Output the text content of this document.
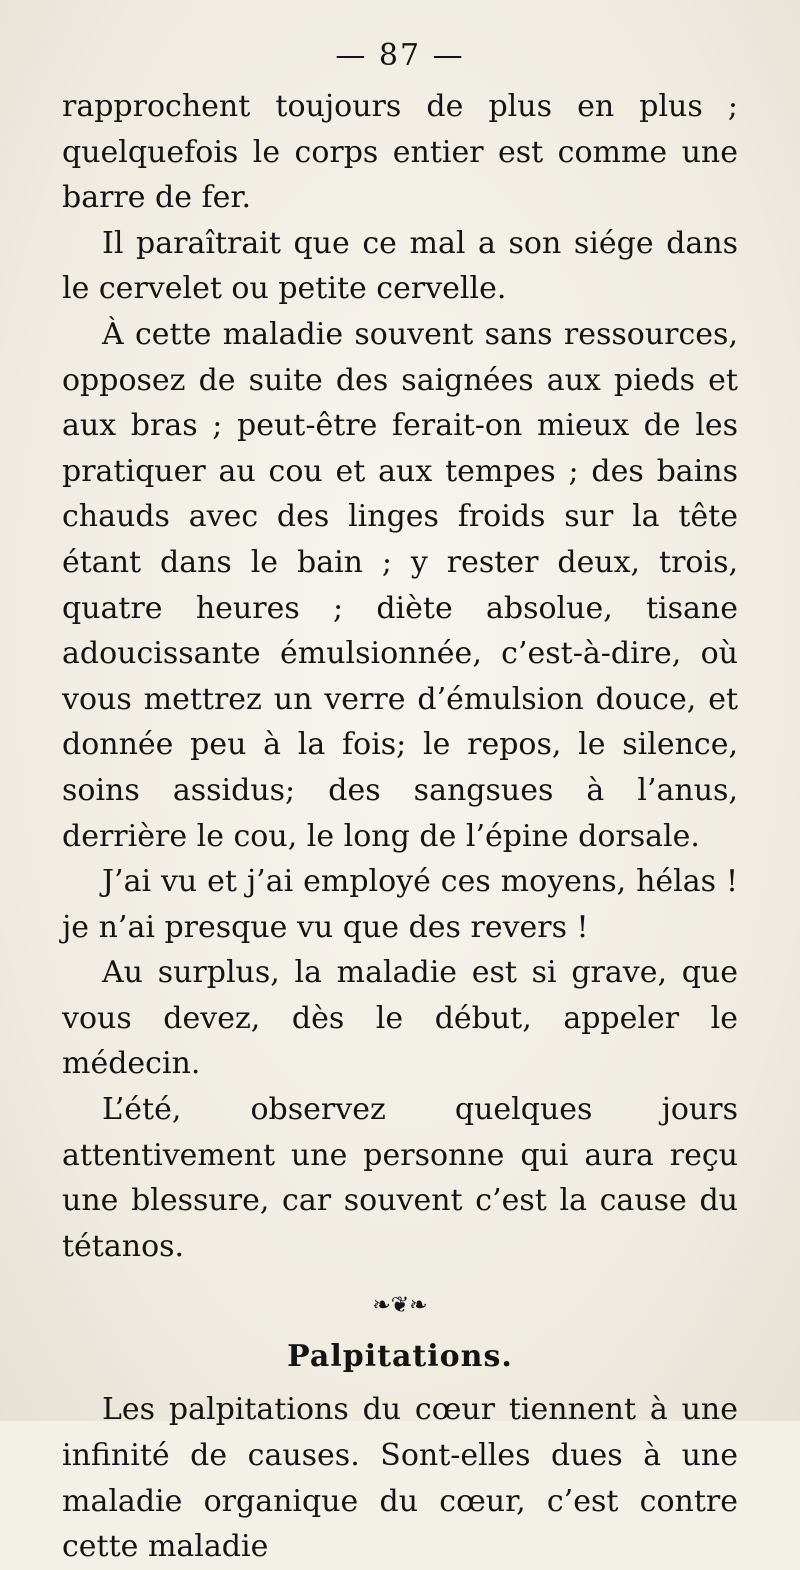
— 87 —

rapprochent toujours de plus en plus ; quelquefois le corps entier est comme une barre de fer.

Il paraîtrait que ce mal a son siége dans le cervelet ou petite cervelle.

À cette maladie souvent sans ressources, opposez de suite des saignées aux pieds et aux bras ; peut-être ferait-on mieux de les pratiquer au cou et aux tempes ; des bains chauds avec des linges froids sur la tête étant dans le bain ; y rester deux, trois, quatre heures ; diète absolue, tisane adoucissante émulsionnée, c’est-à-dire, où vous mettrez un verre d’émulsion douce, et donnée peu à la fois; le repos, le silence, soins assidus; des sangsues à l’anus, derrière le cou, le long de l’épine dorsale.

J’ai vu et j’ai employé ces moyens, hélas ! je n’ai presque vu que des revers !

Au surplus, la maladie est si grave, que vous devez, dès le début, appeler le médecin.

L’été, observez quelques jours attentivement une personne qui aura reçu une blessure, car souvent c’est la cause du tétanos.

❧❦❧
Palpitations.

Les palpitations du cœur tiennent à une infinité de causes. Sont-elles dues à une maladie organique du cœur, c’est contre cette maladie
